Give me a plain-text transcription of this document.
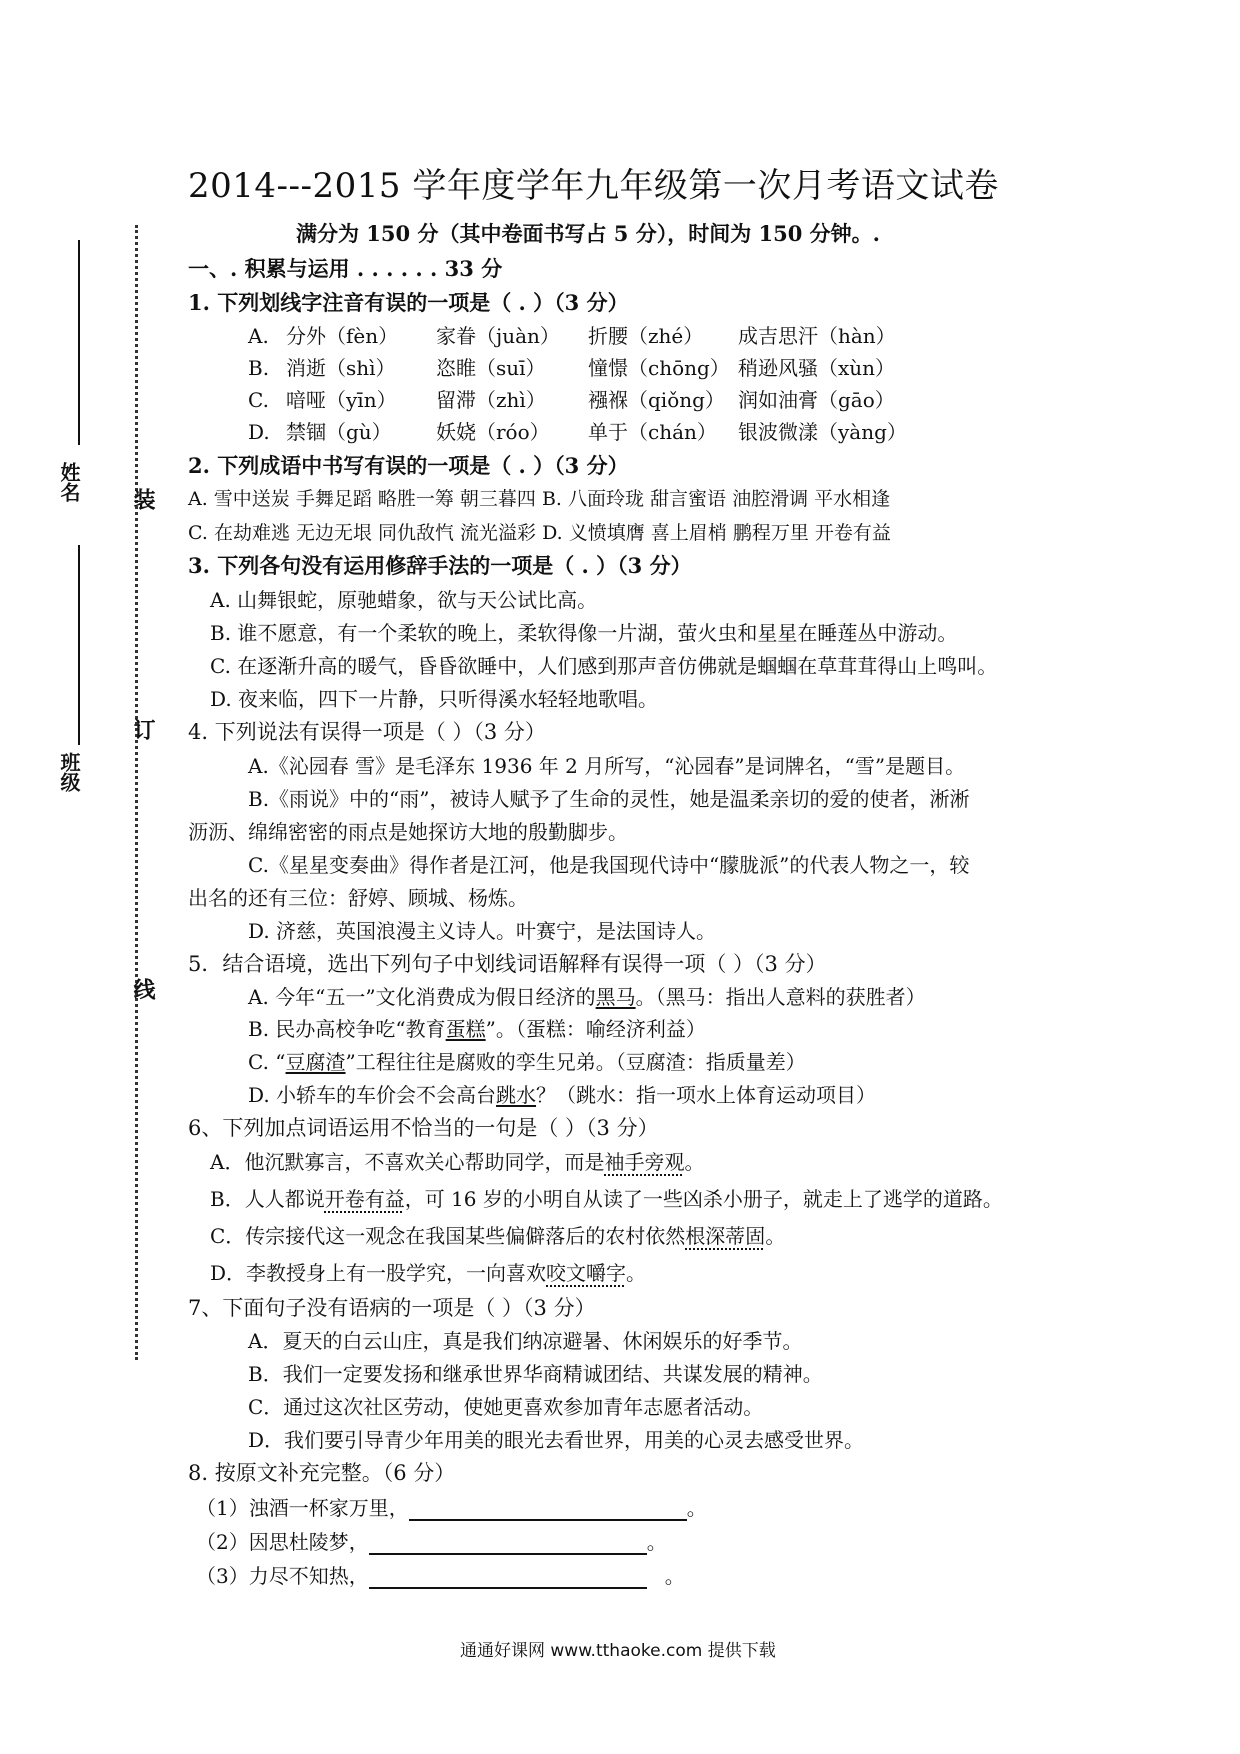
姓名
班级
装
订
线
2014---2015 学年度学年九年级第一次月考语文试卷
满分为 150 分（其中卷面书写占 5 分），时间为 150 分钟。.
一、. 积累与运用 . . . . . . 33 分
1. 下列划线字注音有误的一项是（ . ）（3 分）
A. 分外（fèn） 家眷（juàn） 折腰（zhé） 成吉思汗（hàn）
B. 消逝（shì） 恣睢（suī） 憧憬（chōng） 稍逊风骚（xùn）
C. 喑哑（yīn） 留滞（zhì） 襁褓（qiǒng） 润如油膏（gāo）
D. 禁锢（gù） 妖娆（róo） 单于（chán） 银波微漾（yàng）
2. 下列成语中书写有误的一项是（ . ）（3 分）
A. 雪中送炭 手舞足蹈 略胜一筹 朝三暮四 B. 八面玲珑 甜言蜜语 油腔滑调 平水相逢
C. 在劫难逃 无边无垠 同仇敌忾 流光溢彩 D. 义愤填膺 喜上眉梢 鹏程万里 开卷有益
3. 下列各句没有运用修辞手法的一项是（ . ）（3 分）
A. 山舞银蛇，原驰蜡象，欲与天公试比高。
B. 谁不愿意，有一个柔软的晚上，柔软得像一片湖，萤火虫和星星在睡莲丛中游动。
C. 在逐渐升高的暖气，昏昏欲睡中，人们感到那声音仿佛就是蝈蝈在草茸茸得山上鸣叫。
D. 夜来临，四下一片静，只听得溪水轻轻地歌唱。
4. 下列说法有误得一项是（ ）（3 分）
A.《沁园春 雪》是毛泽东 1936 年 2 月所写，“沁园春”是词牌名，“雪”是题目。
B.《雨说》中的“雨”，被诗人赋予了生命的灵性，她是温柔亲切的爱的使者，淅淅
沥沥、绵绵密密的雨点是她探访大地的殷勤脚步。
C.《星星变奏曲》得作者是江河，他是我国现代诗中“朦胧派”的代表人物之一，较
出名的还有三位：舒婷、顾城、杨炼。
D. 济慈，英国浪漫主义诗人。叶赛宁，是法国诗人。
5．结合语境，选出下列句子中划线词语解释有误得一项（ ）（3 分）
A. 今年“五一”文化消费成为假日经济的黑马。（黑马：指出人意料的获胜者）
B. 民办高校争吃“教育蛋糕”。（蛋糕：喻经济利益）
C. “豆腐渣”工程往往是腐败的孪生兄弟。（豆腐渣：指质量差）
D. 小轿车的车价会不会高台跳水？（跳水：指一项水上体育运动项目）
6、下列加点词语运用不恰当的一句是（ ）（3 分）
A．他沉默寡言，不喜欢关心帮助同学，而是袖手旁观。
B．人人都说开卷有益，可 16 岁的小明自从读了一些凶杀小册子，就走上了逃学的道路。
C．传宗接代这一观念在我国某些偏僻落后的农村依然根深蒂固。
D．李教授身上有一股学究，一向喜欢咬文嚼字。
7、下面句子没有语病的一项是（ ）（3 分）
A．夏天的白云山庄，真是我们纳凉避暑、休闲娱乐的好季节。
B．我们一定要发扬和继承世界华商精诚团结、共谋发展的精神。
C．通过这次社区劳动，使她更喜欢参加青年志愿者活动。
D．我们要引导青少年用美的眼光去看世界，用美的心灵去感受世界。
8. 按原文补充完整。（6 分）
（1）浊酒一杯家万里，	。
（2）因思杜陵梦，	。
（3）力尽不知热，	。
通通好课网 www.tthaoke.com 提供下载
